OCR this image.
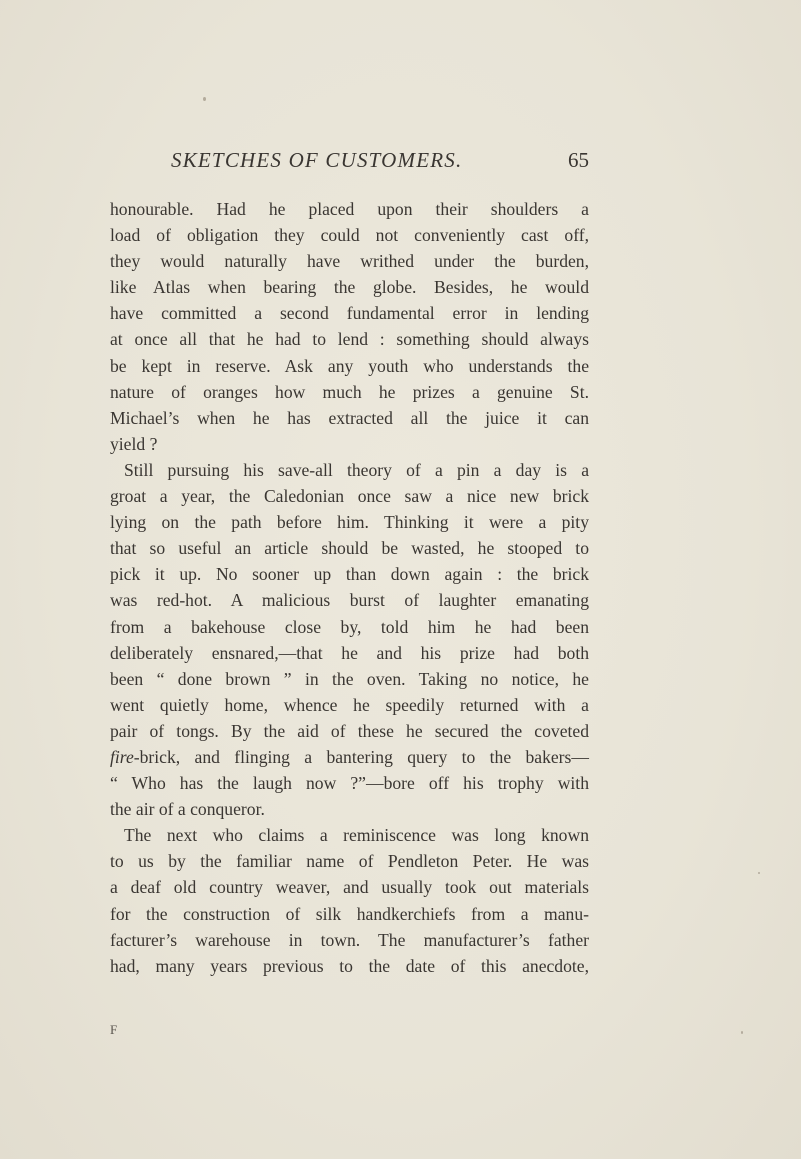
SKETCHES OF CUSTOMERS.	65
honourable. Had he placed upon their shoulders a
load of obligation they could not conveniently cast off,
they would naturally have writhed under the burden,
like Atlas when bearing the globe. Besides, he would
have committed a second fundamental error in lending
at once all that he had to lend : something should always
be kept in reserve. Ask any youth who understands the
nature of oranges how much he prizes a genuine St.
Michael’s when he has extracted all the juice it can
yield ?
Still pursuing his save-all theory of a pin a day is a
groat a year, the Caledonian once saw a nice new brick
lying on the path before him. Thinking it were a pity
that so useful an article should be wasted, he stooped to
pick it up. No sooner up than down again : the brick
was red-hot. A malicious burst of laughter emanating
from a bakehouse close by, told him he had been
deliberately ensnared,—that he and his prize had both
been “ done brown ” in the oven. Taking no notice, he
went quietly home, whence he speedily returned with a
pair of tongs. By the aid of these he secured the coveted
fire-brick, and flinging a bantering query to the bakers—
“ Who has the laugh now ?”—bore off his trophy with
the air of a conqueror.
The next who claims a reminiscence was long known
to us by the familiar name of Pendleton Peter. He was
a deaf old country weaver, and usually took out materials
for the construction of silk handkerchiefs from a manu-
facturer’s warehouse in town. The manufacturer’s father
had, many years previous to the date of this anecdote,
F
